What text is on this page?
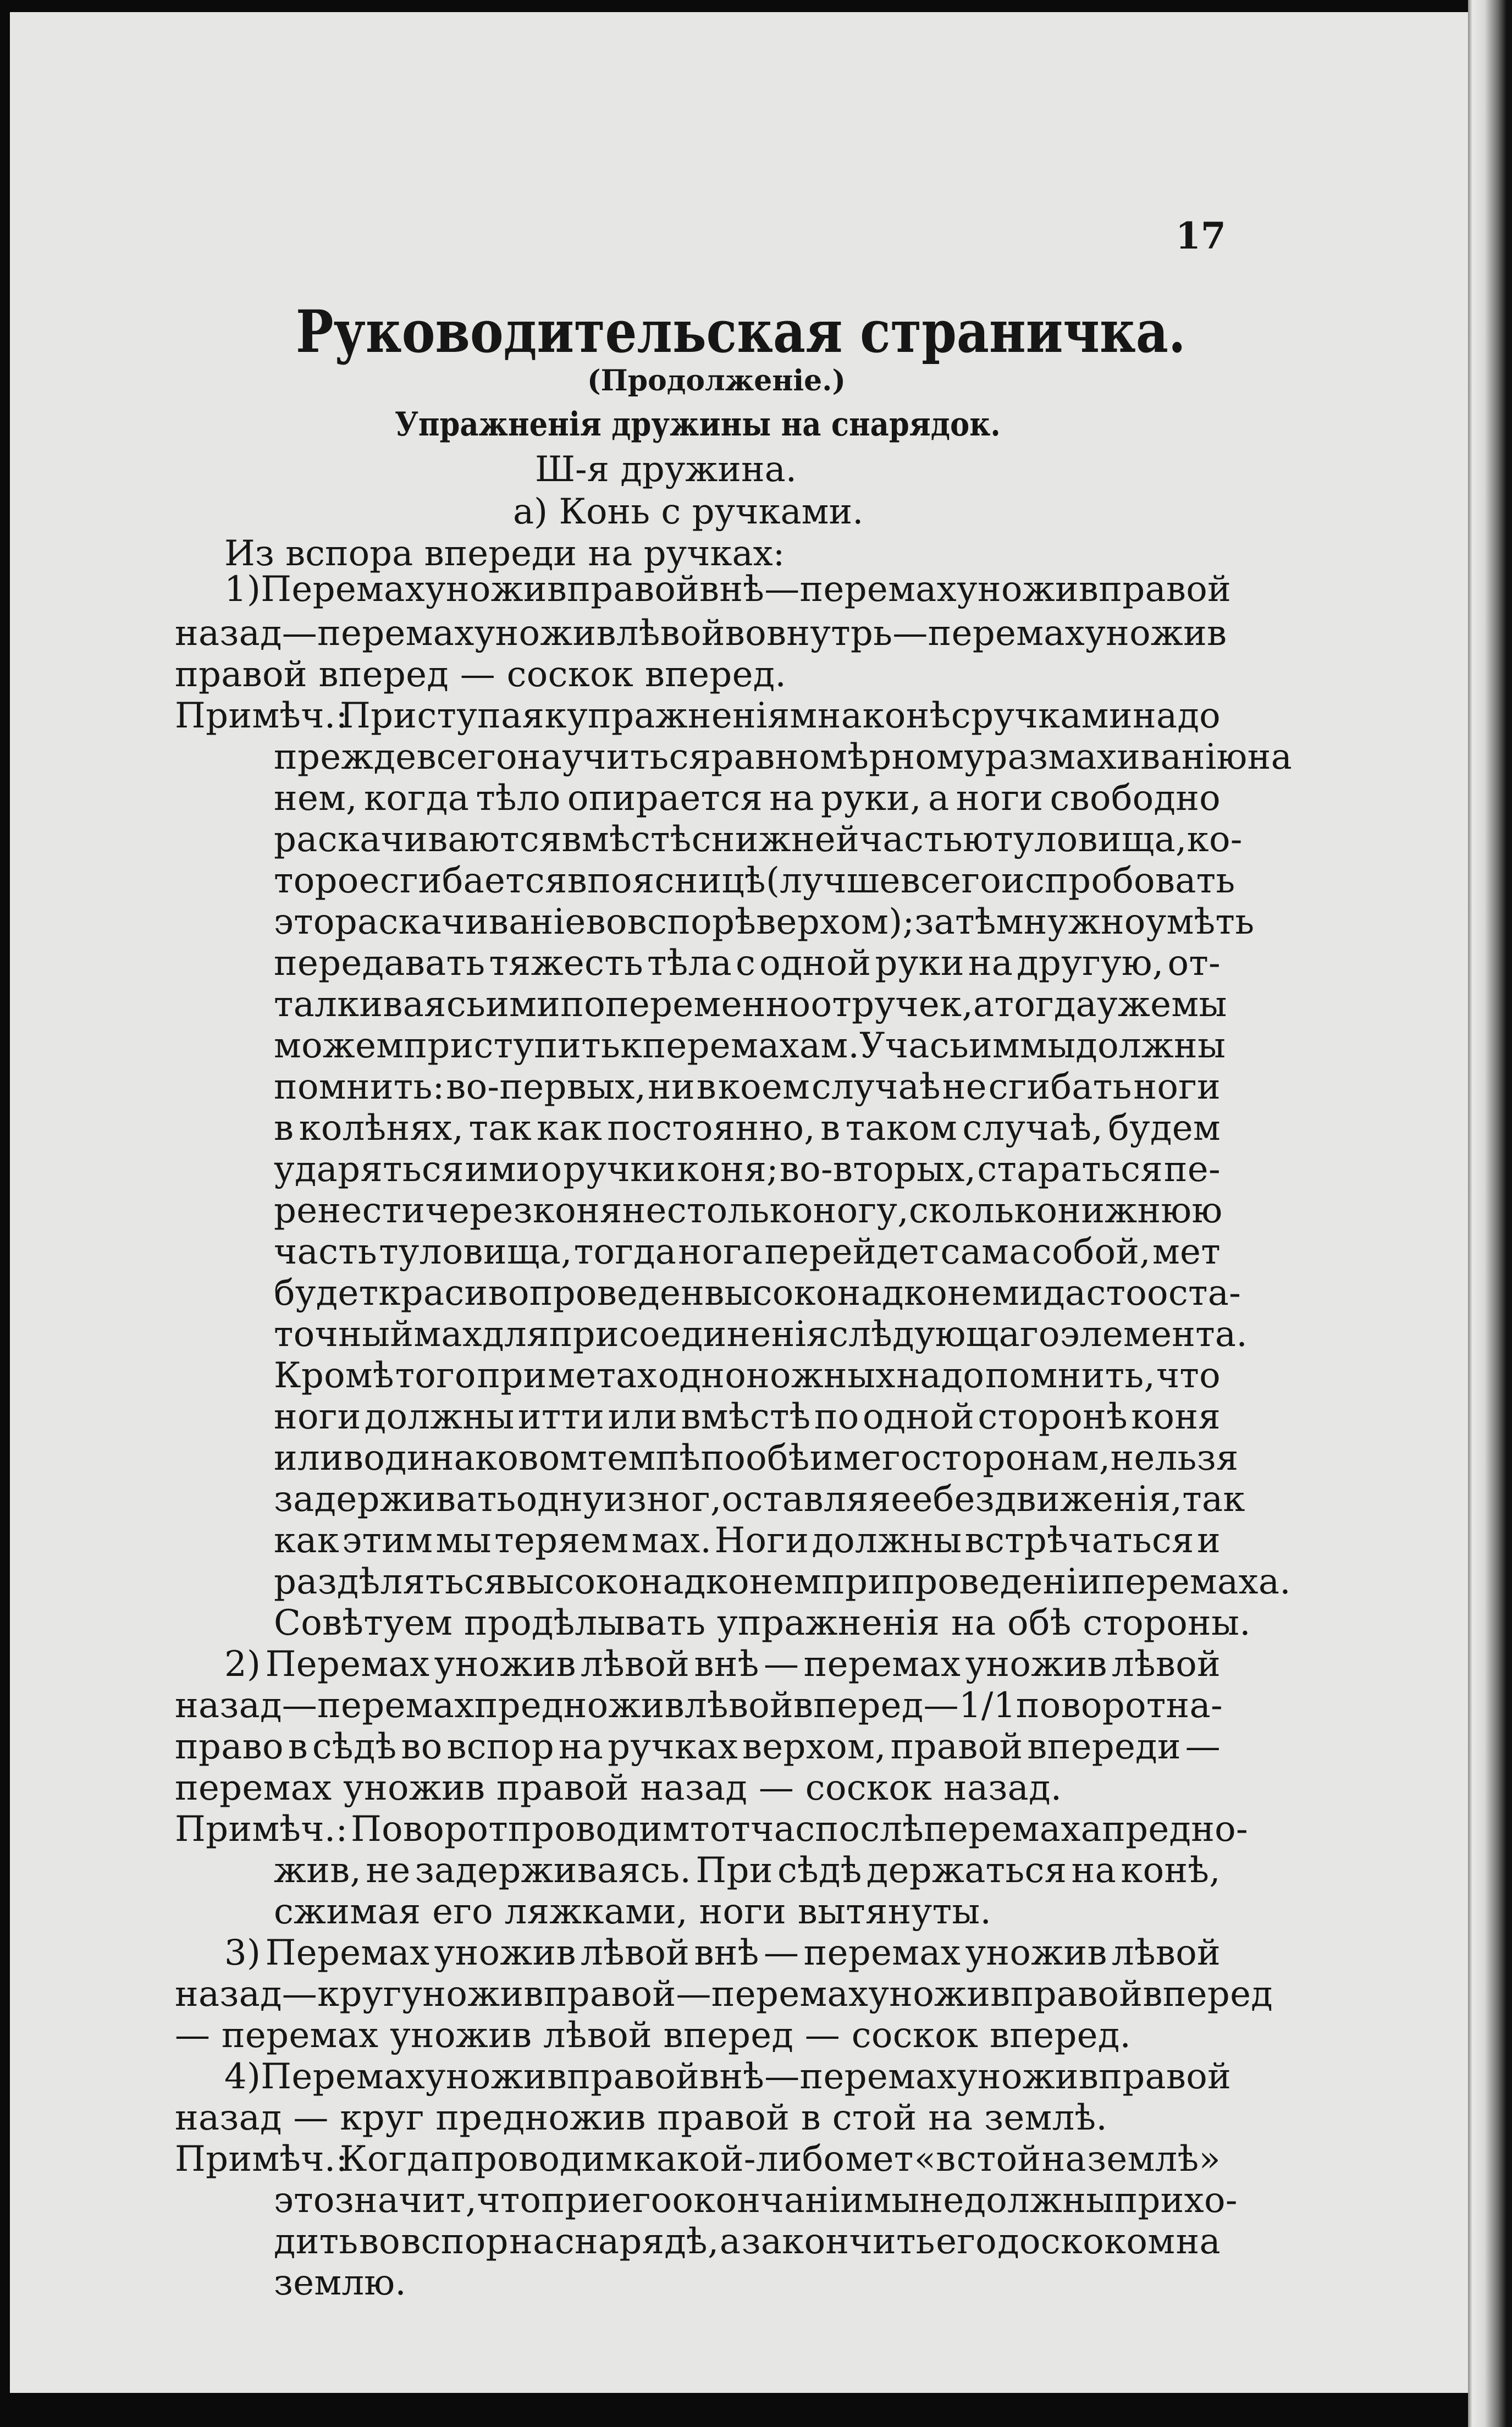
17
Руководительская страничка.
(Продолженіе.)
Упражненія дружины на снарядок.
Ш-я дружина.
а) Конь с ручками.
Из вспора впереди на ручках:
1) Перемах уножив правой внѣ — перемах уножив правой
назад — перемах уножив лѣвой вовнутрь — перемах уножив
правой вперед — соскок вперед.
Примѣч.:
Приступая к упражненіям на конѣ с ручками надо
прежде всего научиться равномѣрному размахиванію на
нем, когда тѣло опирается на руки, а ноги свободно
раскачиваются вмѣстѣ с нижней частью туловища, ко-
торое сгибается в поясницѣ (лучше всего испробовать
это раскачиваніе во вспорѣ верхом); затѣм нужно умѣть
передавать тяжесть тѣла с одной руки на другую, от-
талкиваясь ими попеременно от ручек, а тогда уже мы
можем приступить к перемахам. Учась им мы должны
помнить: во-первых, ни в коем случаѣ не сгибать ноги
в колѣнях, так как постоянно, в таком случаѣ, будем
ударяться ими о ручки коня; во-вторых, стараться пе-
ренести через коня не столько ногу, сколько нижнюю
часть туловища, тогда нога перейдет сама собой, мет
будет красиво проведен высоко над конем и даст ооста-
точный мах для присоединенія слѣдующаго элемента.
Кромѣ того при метах одноножных надо помнить, что
ноги должны итти или вмѣстѣ по одной сторонѣ коня
или в одинаковом темпѣ по обѣим его сторонам, нельзя
задерживать одну из ног, оставляя ее без движенія, так
как этим мы теряем мах. Ноги должны встрѣчаться и
раздѣляться высоко над конем при проведеніи перемаха.
Совѣтуем продѣлывать упражненія на обѣ стороны.
2) Перемах уножив лѣвой внѣ — перемах уножив лѣвой
назад — перемах предножив лѣвой вперед — 1/1 поворот на-
право в сѣдѣ во вспор на ручках верхом, правой впереди —
перемах уножив правой назад — соскок назад.
Примѣч.: Поворот проводим тотчас послѣ перемаха предно-
жив, не задерживаясь. При сѣдѣ держаться на конѣ,
сжимая его ляжками, ноги вытянуты.
3) Перемах уножив лѣвой внѣ — перемах уножив лѣвой
назад — круг уножив правой — перемах уножив правой вперед
— перемах уножив лѣвой вперед — соскок вперед.
4) Перемах уножив правой внѣ — перемах уножив правой
назад — круг предножив правой в стой на землѣ.
Примѣч.:
Когда проводим какой-либо мет «в стой на землѣ»
это значит, что при его окончаніи мы не должны прихо-
дить во вспор на снарядѣ, а закончить его доскоком на
землю.
